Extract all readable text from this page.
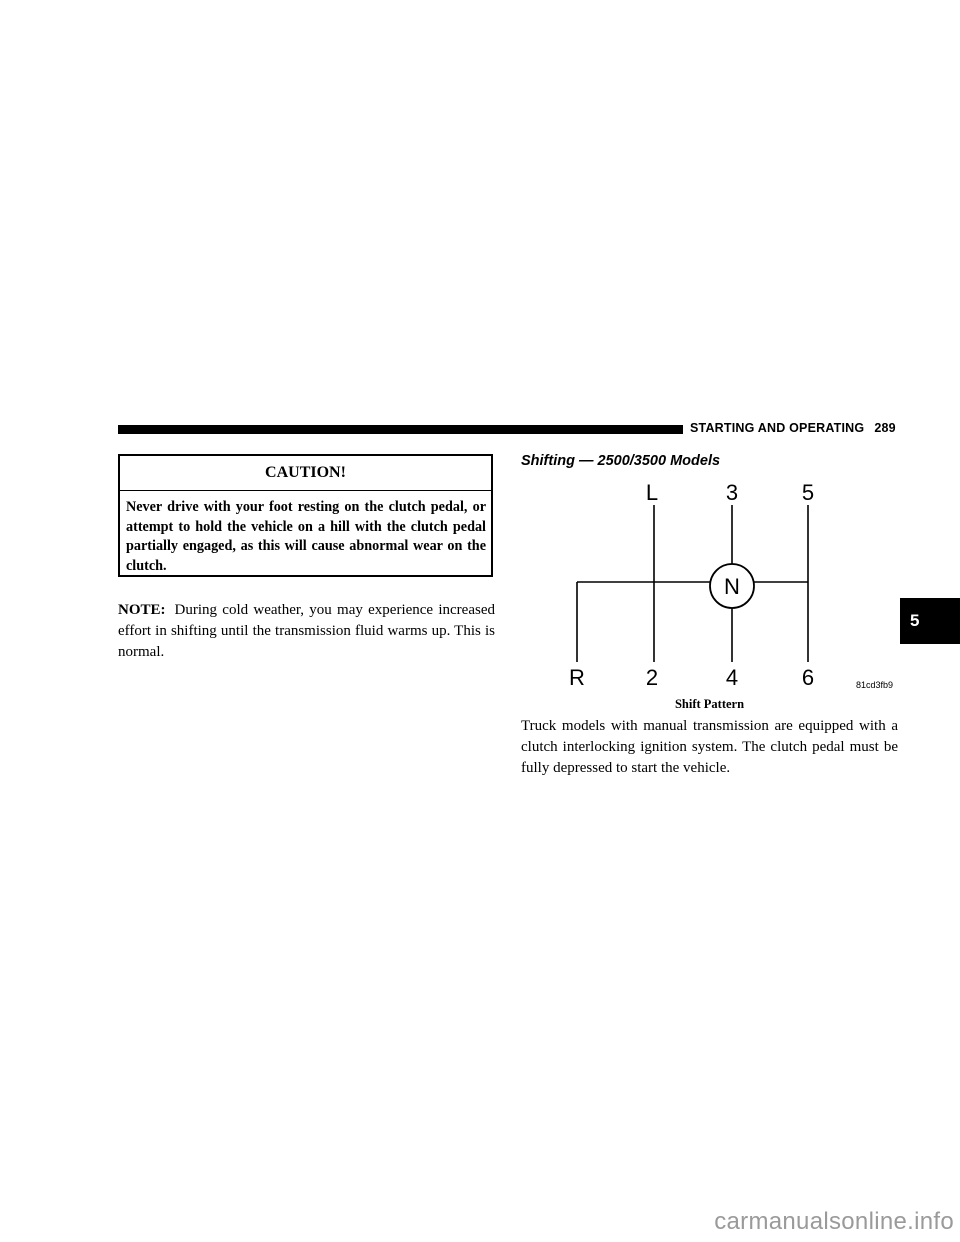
STARTING AND OPERATING 289
CAUTION!
Never drive with your foot resting on the clutch pedal, or attempt to hold the vehicle on a hill with the clutch pedal partially engaged, as this will cause abnormal wear on the clutch.
NOTE: During cold weather, you may experience increased effort in shifting until the transmission fluid warms up. This is normal.
Shifting — 2500/3500 Models
N
L	3	5
R	2	4	6	81cd3fb9
Shift Pattern
Truck models with manual transmission are equipped with a clutch interlocking ignition system. The clutch pedal must be fully depressed to start the vehicle.
5
carmanualsonline.info
